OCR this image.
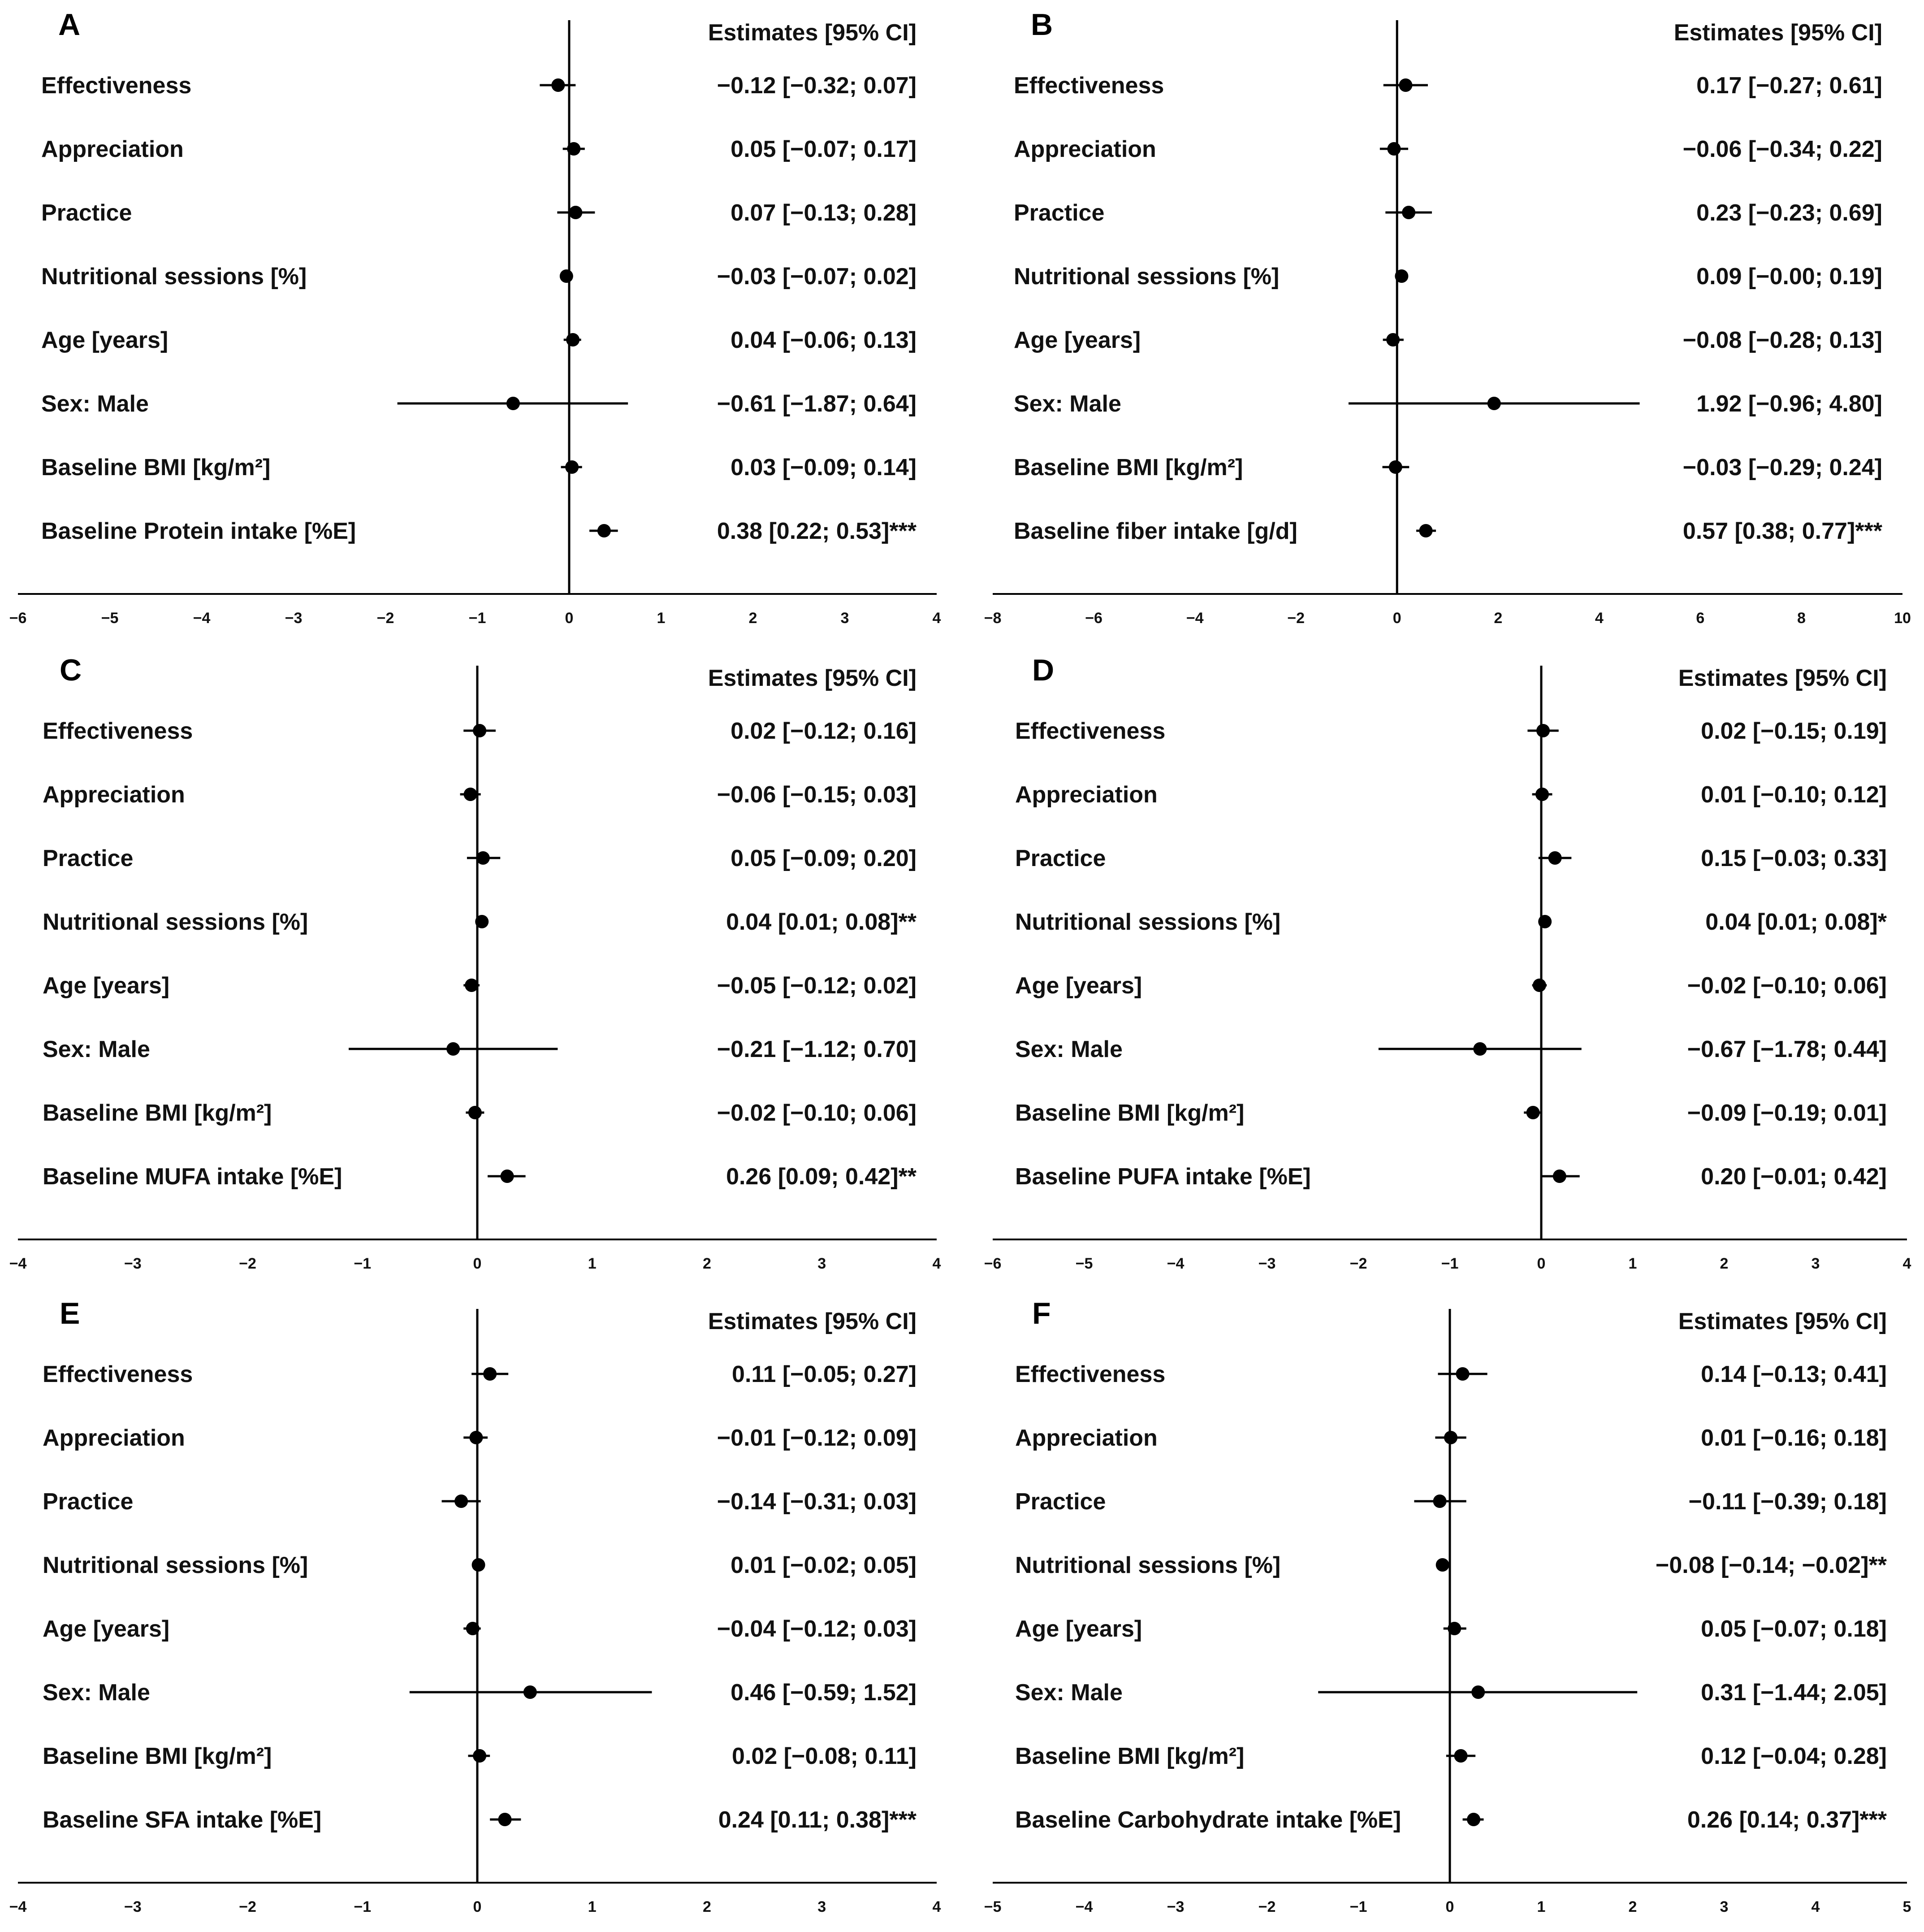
A	Estimates [95% CI]
−6	−5	−4	−3	−2	−1	0	1	2	3	4
Effectiveness	−0.12 [−0.32; 0.07]
Appreciation	0.05 [−0.07; 0.17]
Practice	0.07 [−0.13; 0.28]
Nutritional sessions [%]	−0.03 [−0.07; 0.02]
Age [years]	0.04 [−0.06; 0.13]
Sex: Male	−0.61 [−1.87; 0.64]
Baseline BMI [kg/m²]	0.03 [−0.09; 0.14]
Baseline Protein intake [%E]	0.38 [0.22; 0.53]***
B	Estimates [95% CI]
−8	−6	−4	−2	0	2	4	6	8	10
Effectiveness	0.17 [−0.27; 0.61]
Appreciation	−0.06 [−0.34; 0.22]
Practice	0.23 [−0.23; 0.69]
Nutritional sessions [%]	0.09 [−0.00; 0.19]
Age [years]	−0.08 [−0.28; 0.13]
Sex: Male	1.92 [−0.96; 4.80]
Baseline BMI [kg/m²]	−0.03 [−0.29; 0.24]
Baseline fiber intake [g/d]	0.57 [0.38; 0.77]***
C	Estimates [95% CI]
−4	−3	−2	−1	0	1	2	3	4
Effectiveness	0.02 [−0.12; 0.16]
Appreciation	−0.06 [−0.15; 0.03]
Practice	0.05 [−0.09; 0.20]
Nutritional sessions [%]	0.04 [0.01; 0.08]**
Age [years]	−0.05 [−0.12; 0.02]
Sex: Male	−0.21 [−1.12; 0.70]
Baseline BMI [kg/m²]	−0.02 [−0.10; 0.06]
Baseline MUFA intake [%E]	0.26 [0.09; 0.42]**
D	Estimates [95% CI]
−6	−5	−4	−3	−2	−1	0	1	2	3	4
Effectiveness	0.02 [−0.15; 0.19]
Appreciation	0.01 [−0.10; 0.12]
Practice	0.15 [−0.03; 0.33]
Nutritional sessions [%]	0.04 [0.01; 0.08]*
Age [years]	−0.02 [−0.10; 0.06]
Sex: Male	−0.67 [−1.78; 0.44]
Baseline BMI [kg/m²]	−0.09 [−0.19; 0.01]
Baseline PUFA intake [%E]	0.20 [−0.01; 0.42]
E	Estimates [95% CI]
−4	−3	−2	−1	0	1	2	3	4
Effectiveness	0.11 [−0.05; 0.27]
Appreciation	−0.01 [−0.12; 0.09]
Practice	−0.14 [−0.31; 0.03]
Nutritional sessions [%]	0.01 [−0.02; 0.05]
Age [years]	−0.04 [−0.12; 0.03]
Sex: Male	0.46 [−0.59; 1.52]
Baseline BMI [kg/m²]	0.02 [−0.08; 0.11]
Baseline SFA intake [%E]	0.24 [0.11; 0.38]***
F	Estimates [95% CI]
−5	−4	−3	−2	−1	0	1	2	3	4	5
Effectiveness	0.14 [−0.13; 0.41]
Appreciation	0.01 [−0.16; 0.18]
Practice	−0.11 [−0.39; 0.18]
Nutritional sessions [%]	−0.08 [−0.14; −0.02]**
Age [years]	0.05 [−0.07; 0.18]
Sex: Male	0.31 [−1.44; 2.05]
Baseline BMI [kg/m²]	0.12 [−0.04; 0.28]
Baseline Carbohydrate intake [%E]	0.26 [0.14; 0.37]***
